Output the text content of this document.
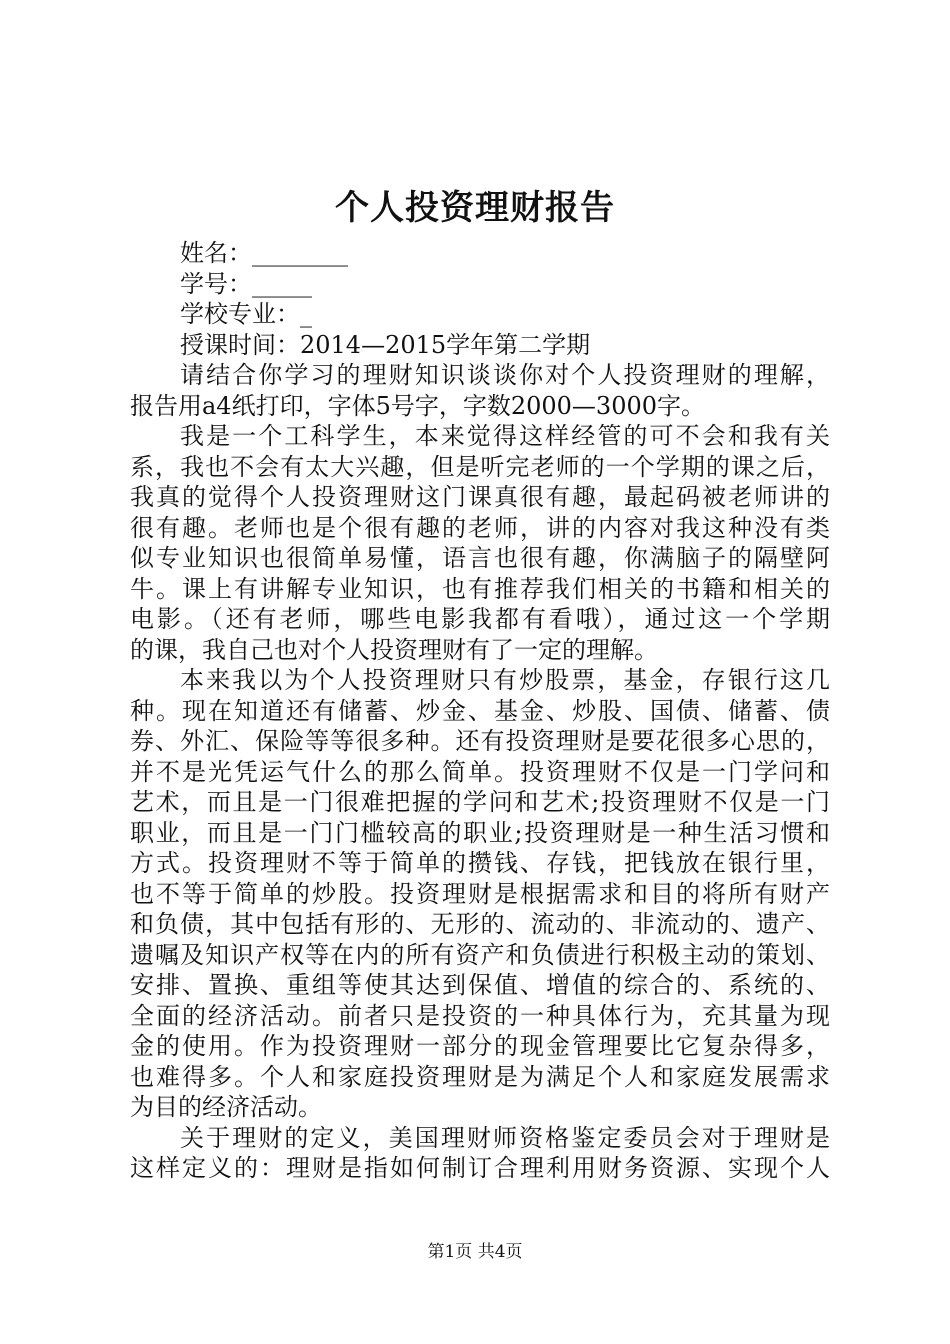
个人投资理财报告
姓名：________
学号：_____
学校专业：_
授课时间：2014—2015学年第二学期
请结合你学习的理财知识谈谈你对个人投资理财的理解，
报告用a4纸打印，字体5号字，字数2000—3000字。
我是一个工科学生，本来觉得这样经管的可不会和我有关
系，我也不会有太大兴趣，但是听完老师的一个学期的课之后，
我真的觉得个人投资理财这门课真很有趣，最起码被老师讲的
很有趣。老师也是个很有趣的老师，讲的内容对我这种没有类
似专业知识也很简单易懂，语言也很有趣，你满脑子的隔壁阿
牛。课上有讲解专业知识，也有推荐我们相关的书籍和相关的
电影。（还有老师，哪些电影我都有看哦），通过这一个学期
的课，我自己也对个人投资理财有了一定的理解。
本来我以为个人投资理财只有炒股票，基金，存银行这几
种。现在知道还有储蓄、炒金、基金、炒股、国债、储蓄、债
券、外汇、保险等等很多种。还有投资理财是要花很多心思的，
并不是光凭运气什么的那么简单。投资理财不仅是一门学问和
艺术，而且是一门很难把握的学问和艺术;投资理财不仅是一门
职业，而且是一门门槛较高的职业;投资理财是一种生活习惯和
方式。投资理财不等于简单的攒钱、存钱，把钱放在银行里，
也不等于简单的炒股。投资理财是根据需求和目的将所有财产
和负债，其中包括有形的、无形的、流动的、非流动的、遗产、
遗嘱及知识产权等在内的所有资产和负债进行积极主动的策划、
安排、置换、重组等使其达到保值、增值的综合的、系统的、
全面的经济活动。前者只是投资的一种具体行为，充其量为现
金的使用。作为投资理财一部分的现金管理要比它复杂得多，
也难得多。个人和家庭投资理财是为满足个人和家庭发展需求
为目的经济活动。
关于理财的定义，美国理财师资格鉴定委员会对于理财是
这样定义的：理财是指如何制订合理利用财务资源、实现个人
第1页 共4页
